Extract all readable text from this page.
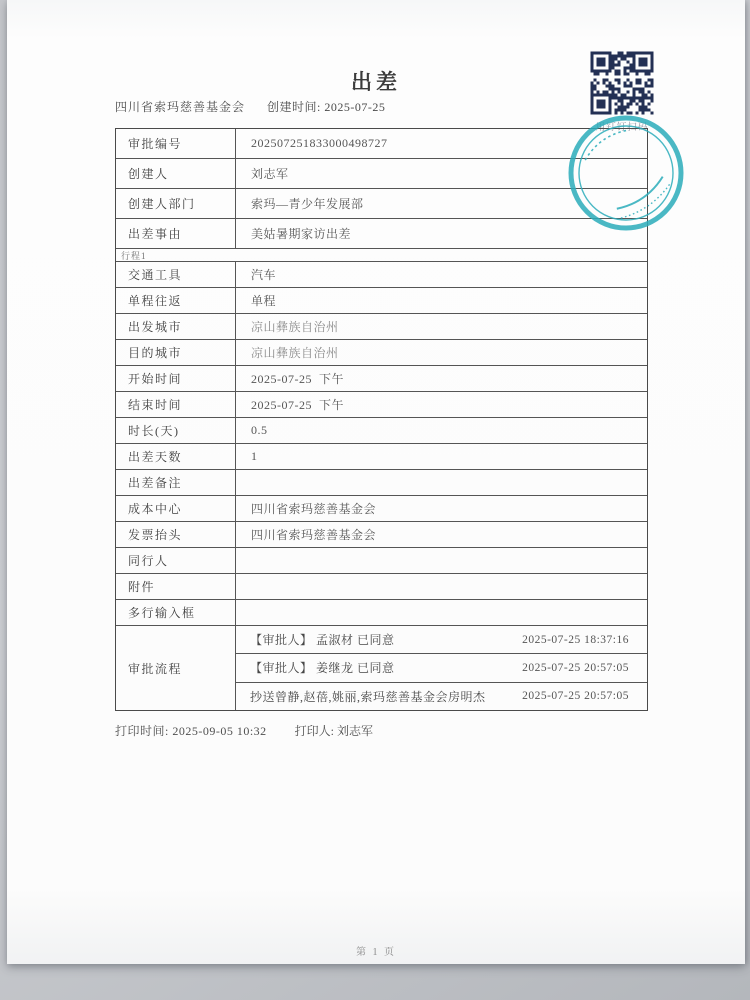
出差
四川省索玛慈善基金会 创建时间: 2025-07-25
用钉钉扫码
审批编号	202507251833000498727
创建人	刘志军
创建人部门	索玛—青少年发展部
出差事由	美姑暑期家访出差
行程1
交通工具	汽车
单程往返	单程
出发城市	凉山彝族自治州
目的城市	凉山彝族自治州
开始时间	2025-07-25  下午
结束时间	2025-07-25  下午
时长(天)	0.5
出差天数	1
出差备注
成本中心	四川省索玛慈善基金会
发票抬头	四川省索玛慈善基金会
同行人
附件
多行输入框
审批流程
【审批人】 孟淑材 已同意	2025-07-25 18:37:16
【审批人】 姜继龙 已同意	2025-07-25 20:57:05
抄送曾静,赵蓓,姚丽,索玛慈善基金会房明杰	2025-07-25 20:57:05
打印时间: 2025-09-05 10:32 打印人: 刘志军
第 1 页
